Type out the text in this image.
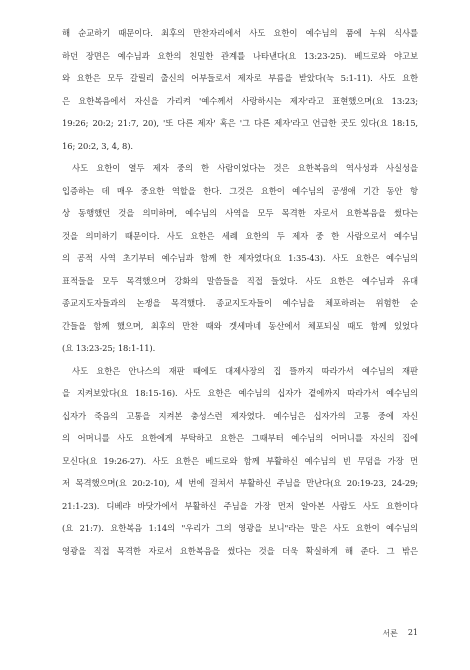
해 순교하기 때문이다. 최후의 만찬자리에서 사도 요한이 예수님의 품에 누워 식사를
하던 장면은 예수님과 요한의 친밀한 관계를 나타낸다(요 13:23-25). 베드로와 야고보
와 요한은 모두 갈릴리 출신의 어부들로서 제자로 부름을 받았다(눅 5:1-11). 사도 요한
은 요한복음에서 자신을 가리켜 '예수께서 사랑하시는 제자'라고 표현했으며(요 13:23;
19:26; 20:2; 21:7, 20), '또 다른 제자' 혹은 '그 다른 제자'라고 언급한 곳도 있다(요 18:15,
16; 20:2, 3, 4, 8).
사도 요한이 열두 제자 중의 한 사람이었다는 것은 요한복음의 역사성과 사실성을
입증하는 데 매우 중요한 역할을 한다. 그것은 요한이 예수님의 공생애 기간 동안 항
상 동행했던 것을 의미하며, 예수님의 사역을 모두 목격한 자로서 요한복음을 썼다는
것을 의미하기 때문이다. 사도 요한은 세례 요한의 두 제자 중 한 사람으로서 예수님
의 공적 사역 초기부터 예수님과 함께 한 제자였다(요 1:35-43). 사도 요한은 예수님의
표적들을 모두 목격했으며 강화의 말씀들을 직접 들었다. 사도 요한은 예수님과 유대
종교지도자들과의 논쟁을 목격했다. 종교지도자들이 예수님을 체포하려는 위험한 순
간들을 함께 했으며, 최후의 만찬 때와 겟세마네 동산에서 체포되실 때도 함께 있었다
(요 13:23-25; 18:1-11).
사도 요한은 안나스의 재판 때에도 대제사장의 집 뜰까지 따라가서 예수님의 재판
을 지켜보았다(요 18:15-16). 사도 요한은 예수님의 십자가 곁에까지 따라가서 예수님의
십자가 죽음의 고통을 지켜본 충성스런 제자였다. 예수님은 십자가의 고통 중에 자신
의 어머니를 사도 요한에게 부탁하고 요한은 그때부터 예수님의 어머니를 자신의 집에
모신다(요 19:26-27). 사도 요한은 베드로와 함께 부활하신 예수님의 빈 무덤을 가장 먼
저 목격했으며(요 20:2-10), 세 번에 걸쳐서 부활하신 주님을 만난다(요 20:19-23, 24-29;
21:1-23). 디베랴 바닷가에서 부활하신 주님을 가장 먼저 알아본 사람도 사도 요한이다
(요 21:7). 요한복음 1:14의 "우리가 그의 영광을 보니"라는 말은 사도 요한이 예수님의
영광을 직접 목격한 자로서 요한복음을 썼다는 것을 더욱 확실하게 해 준다. 그 밖은
서론 21
